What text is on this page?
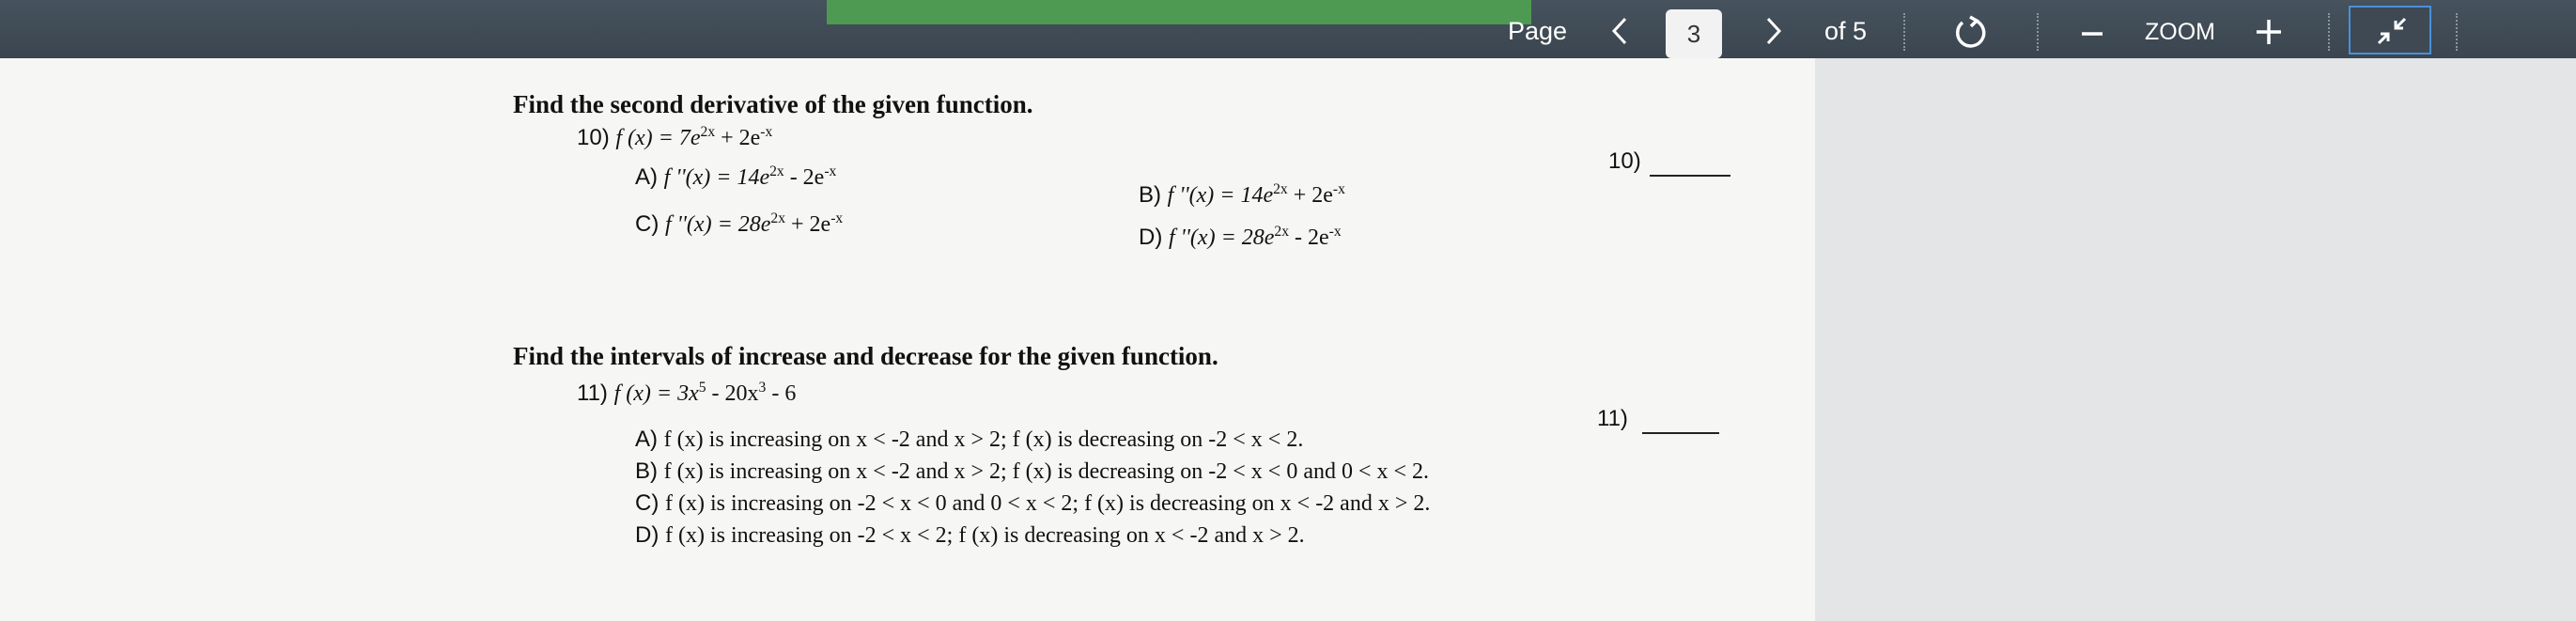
Page	3	of 5	ZOOM
Find the second derivative of the given function.
10) f $(x) = 7e^{2x} + 2e^{-x}$
10)
A) f ''$(x) = 14e^{2x} - 2e^{-x}$
B) f ''$(x) = 14e^{2x} + 2e^{-x}$
C) f ''$(x) = 28e^{2x} + 2e^{-x}$
D) f ''$(x) = 28e^{2x} - 2e^{-x}$
Find the intervals of increase and decrease for the given function.
11) f $(x) = 3x^5 - 20x^3 - 6$
11)
A) f (x) is increasing on x < -2 and x > 2; f (x) is decreasing on -2 < x < 2.
B) f (x) is increasing on x < -2 and x > 2; f (x) is decreasing on -2 < x < 0 and 0 < x < 2.
C) f (x) is increasing on -2 < x < 0 and 0 < x < 2; f (x) is decreasing on x < -2 and x > 2.
D) f (x) is increasing on -2 < x < 2; f (x) is decreasing on x < -2 and x > 2.
